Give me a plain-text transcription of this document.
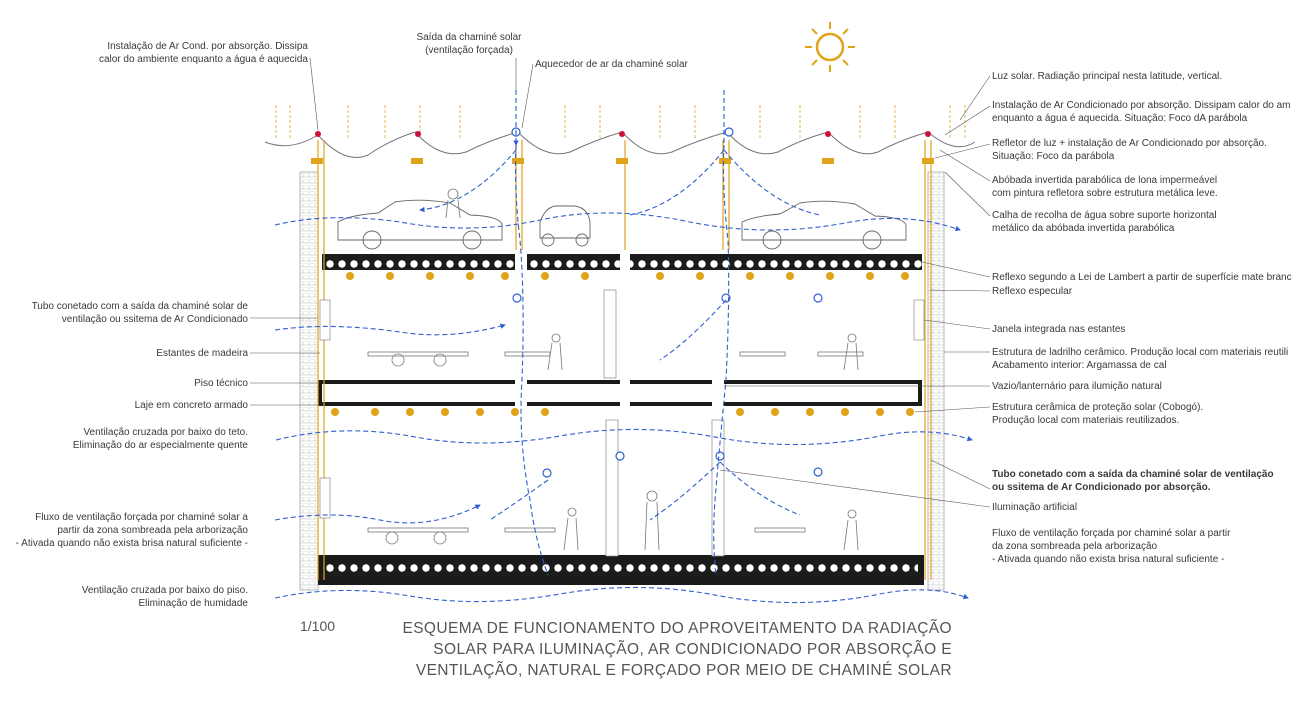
Instalação de Ar Cond. por absorção. Dissipa
calor do ambiente enquanto a água é aquecida
Saída da chaminé solar
(ventilação forçada)
Aquecedor de ar da chaminé solar
Tubo conetado com a saída da chaminé solar de
ventilação ou ssitema de Ar Condicionado
Estantes de madeira
Piso técnico
Laje em concreto armado
Ventilação cruzada por baixo do teto.
Eliminação do ar especialmente quente
Fluxo de ventilação forçada por chaminé solar a
partir da zona sombreada pela arborização
- Ativada quando não exista brisa natural suficiente -
Ventilação cruzada por baixo do piso.
Eliminação de humidade
Luz solar. Radiação principal nesta latitude, vertical.
Instalação de Ar Condicionado por absorção. Dissipam calor do am
enquanto a água é aquecida. Situação: Foco dA parábola
Refletor de luz + instalação de Ar Condicionado por absorção.
Situação: Foco da parábola
Abóbada invertida parabólica de lona impermeável
com pintura refletora sobre estrutura metálica leve.
Calha de recolha de água sobre suporte horizontal
metálico da abóbada invertida parabólica
Reflexo segundo a Lei de Lambert a partir de superfície mate branc
Reflexo especular
Janela integrada nas estantes
Estrutura de ladrilho cerâmico. Produção local com materiais reutili
Acabamento interior: Argamassa de cal
Vazio/lanternário para ilumição natural
Estrutura cerâmica de proteção solar (Cobogó).
Produção local com materiais reutilizados.
Tubo conetado com a saída da chaminé solar de ventilação
ou ssitema de Ar Condicionado por absorção.
Iluminação artificial
Fluxo de ventilação forçada por chaminé solar a partir
da zona sombreada pela arborização
- Ativada quando não exista brisa natural suficiente -
1/100	ESQUEMA DE FUNCIONAMENTO DO APROVEITAMENTO DA RADIAÇÃO
SOLAR PARA ILUMINAÇÃO, AR CONDICIONADO POR ABSORÇÃO E
VENTILAÇÃO, NATURAL E FORÇADO POR MEIO DE CHAMINÉ SOLAR
